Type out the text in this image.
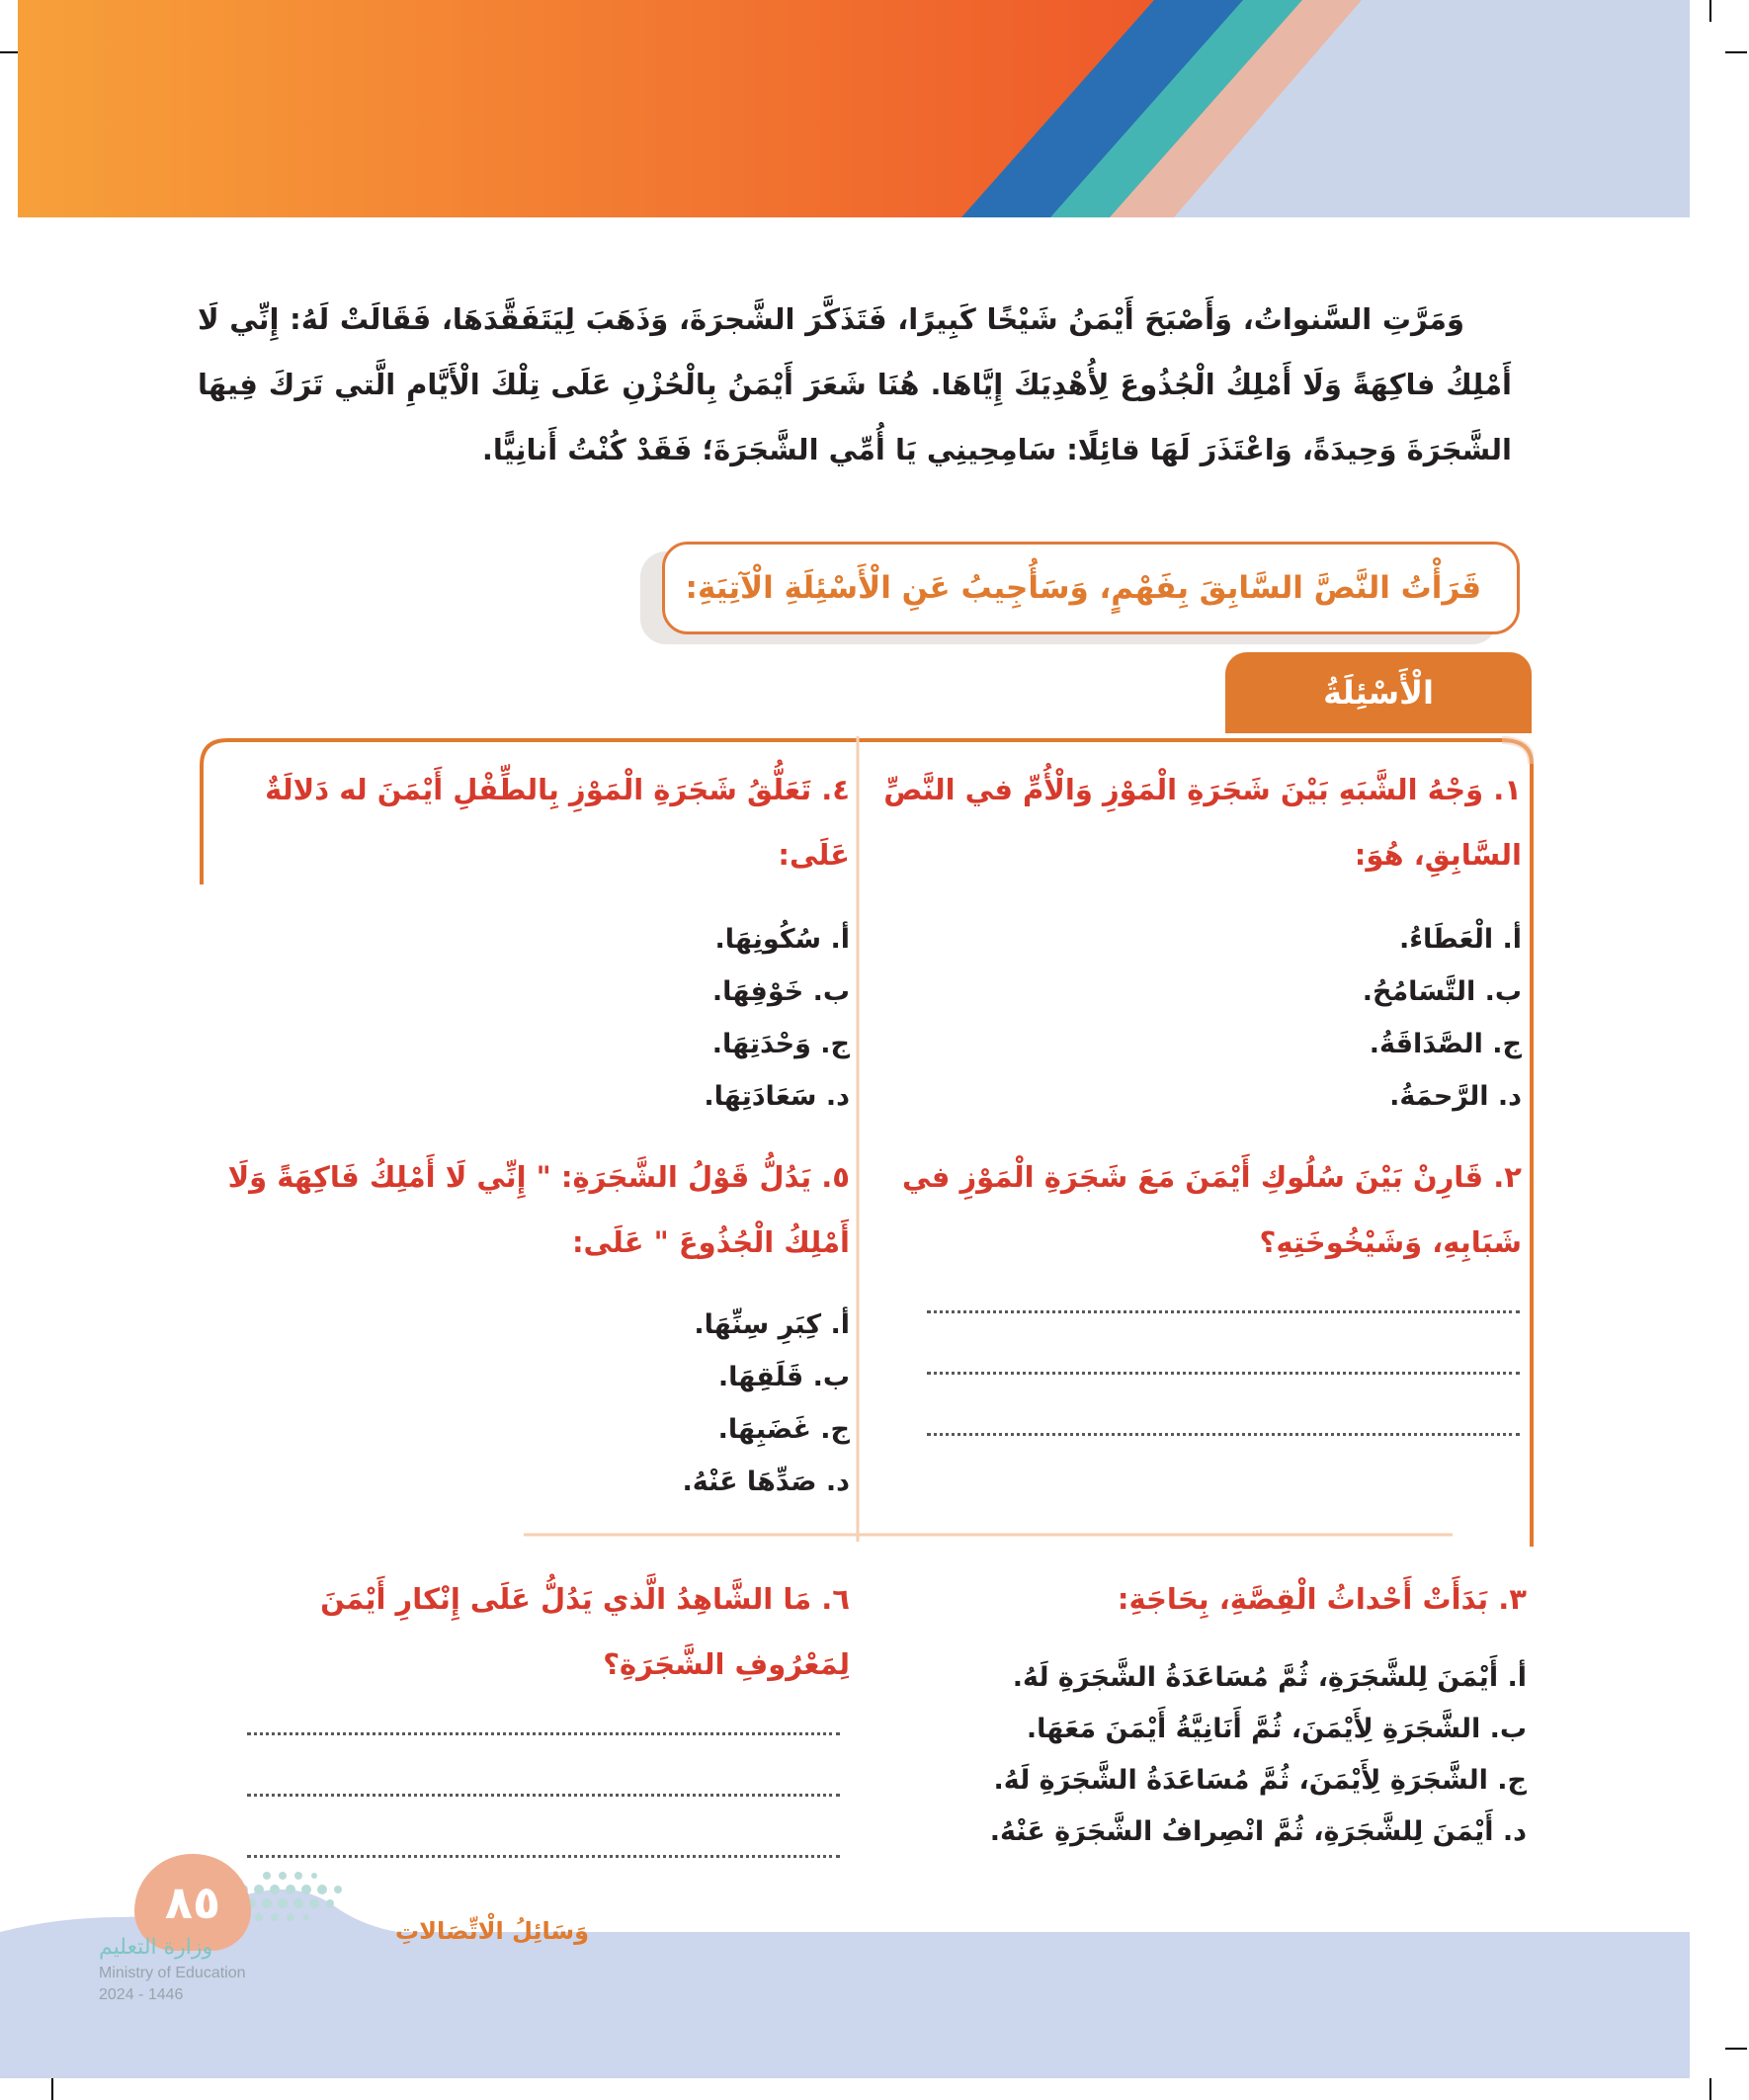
وَمَرَّتِ السَّنواتُ، وَأَصْبَحَ أَيْمَنُ شَيْخًا كَبِيرًا، فَتَذَكَّرَ الشَّجرَةَ، وَذَهَبَ لِيَتَفَقَّدَهَا، فَقَالَتْ لَهُ: إِنِّي لَا أَمْلِكُ فاكِهَةً وَلَا أَمْلِكُ الْجُذُوعَ لِأُهْدِيَكَ إِيَّاهَا. هُنَا شَعَرَ أَيْمَنُ بِالْحُزْنِ عَلَى تِلْكَ الْأَيَّامِ الَّتي تَرَكَ فِيهَا الشَّجَرَةَ وَحِيدَةً، وَاعْتَذَرَ لَهَا قائِلًا: سَامِحِينِي يَا أُمِّي الشَّجَرَةَ؛ فَقَدْ كُنْتُ أَنانِيًّا.

قَرَأْتُ النَّصَّ السَّابِقَ بِفَهْمٍ، وَسَأُجِيبُ عَنِ الْأَسْئِلَةِ الْآتِيَةِ:
الْأَسْئِلَةُ
١. وَجْهُ الشَّبَهِ بَيْنَ شَجَرَةِ الْمَوْزِ وَالْأُمِّ في النَّصِّ السَّابِقِ، هُوَ:
أ. الْعَطَاءُ.
ب. التَّسَامُحُ.
ج. الصَّدَاقَةُ.
د. الرَّحمَةُ.
٢. قَارِنْ بَيْنَ سُلُوكِ أَيْمَنَ مَعَ شَجَرَةِ الْمَوْزِ في شَبَابِهِ، وَشَيْخُوخَتِهِ؟
٣. بَدَأَتْ أَحْداثُ الْقِصَّةِ، بِحَاجَةِ:
أ. أَيْمَنَ لِلشَّجَرَةِ، ثُمَّ مُسَاعَدَةُ الشَّجَرَةِ لَهُ.
ب. الشَّجَرَةِ لِأَيْمَنَ، ثُمَّ أَنَانِيَّةُ أَيْمَنَ مَعَهَا.
ج. الشَّجَرَةِ لِأَيْمَنَ، ثُمَّ مُسَاعَدَةُ الشَّجَرَةِ لَهُ.
د. أَيْمَنَ لِلشَّجَرَةِ، ثُمَّ انْصِرافُ الشَّجَرَةِ عَنْهُ.
٤. تَعَلُّقُ شَجَرَةِ الْمَوْزِ بِالطِّفْلِ أَيْمَنَ له دَلالَةٌ عَلَى:
أ. سُكُونِهَا.
ب. خَوْفِهَا.
ج. وَحْدَتِهَا.
د. سَعَادَتِهَا.
٥. يَدُلُّ قَوْلُ الشَّجَرَةِ: " إِنِّي لَا أَمْلِكُ فَاكِهَةً وَلَا أَمْلِكُ الْجُذُوعَ " عَلَى:
أ. كِبَرِ سِنِّهَا.
ب. قَلَقِهَا.
ج. غَضَبِهَا.
د. صَدِّهَا عَنْهُ.
٦. مَا الشَّاهِدُ الَّذي يَدُلُّ عَلَى إِنْكارِ أَيْمَنَ لِمَعْرُوفِ الشَّجَرَةِ؟
٨٥
وزارة التعليم
Ministry of Education
2024 - 1446
وَسَائِلُ الْاتِّصَالاتِ
